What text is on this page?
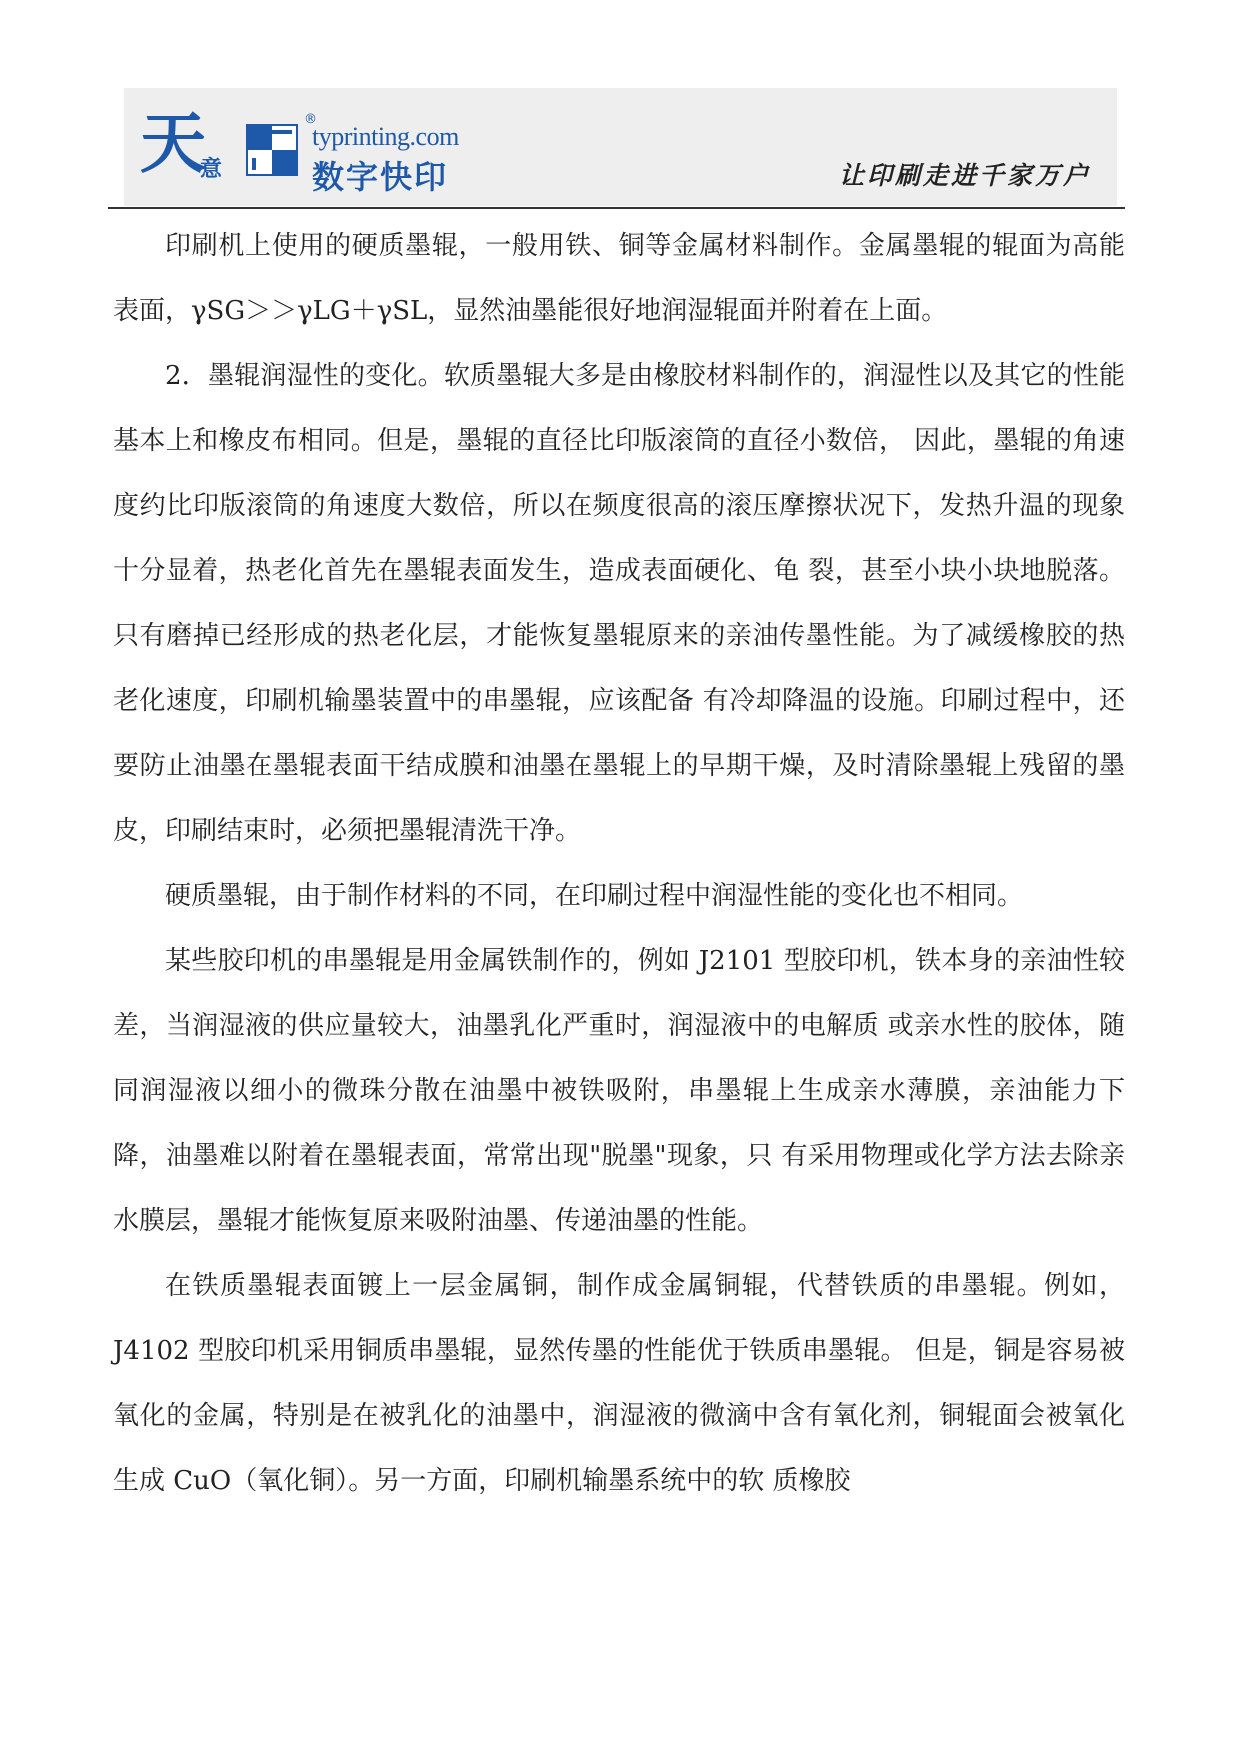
天
意
®
typrinting.com
数字快印	让印刷走进千家万户

印刷机上使用的硬质墨辊，一般用铁、铜等金属材料制作。金属墨辊的辊面为高能表面，γSG＞＞γLG＋γSL，显然油墨能很好地润湿辊面并附着在上面。

2．墨辊润湿性的变化。软质墨辊大多是由橡胶材料制作的，润湿性以及其它的性能基本上和橡皮布相同。但是，墨辊的直径比印版滚筒的直径小数倍， 因此，墨辊的角速度约比印版滚筒的角速度大数倍，所以在频度很高的滚压摩擦状况下，发热升温的现象十分显着，热老化首先在墨辊表面发生，造成表面硬化、龟 裂，甚至小块小块地脱落。只有磨掉已经形成的热老化层，才能恢复墨辊原来的亲油传墨性能。为了减缓橡胶的热老化速度，印刷机输墨装置中的串墨辊，应该配备 有冷却降温的设施。印刷过程中，还要防止油墨在墨辊表面干结成膜和油墨在墨辊上的早期干燥，及时清除墨辊上残留的墨皮，印刷结束时，必须把墨辊清洗干净。

硬质墨辊，由于制作材料的不同，在印刷过程中润湿性能的变化也不相同。

某些胶印机的串墨辊是用金属铁制作的，例如 J2101 型胶印机，铁本身的亲油性较差，当润湿液的供应量较大，油墨乳化严重时，润湿液中的电解质 或亲水性的胶体，随同润湿液以细小的微珠分散在油墨中被铁吸附，串墨辊上生成亲水薄膜，亲油能力下降，油墨难以附着在墨辊表面，常常出现"脱墨"现象，只 有采用物理或化学方法去除亲水膜层，墨辊才能恢复原来吸附油墨、传递油墨的性能。

在铁质墨辊表面镀上一层金属铜，制作成金属铜辊，代替铁质的串墨辊。例如，J4102 型胶印机采用铜质串墨辊，显然传墨的性能优于铁质串墨辊。 但是，铜是容易被氧化的金属，特别是在被乳化的油墨中，润湿液的微滴中含有氧化剂，铜辊面会被氧化生成 CuO（氧化铜）。另一方面，印刷机输墨系统中的软 质橡胶
